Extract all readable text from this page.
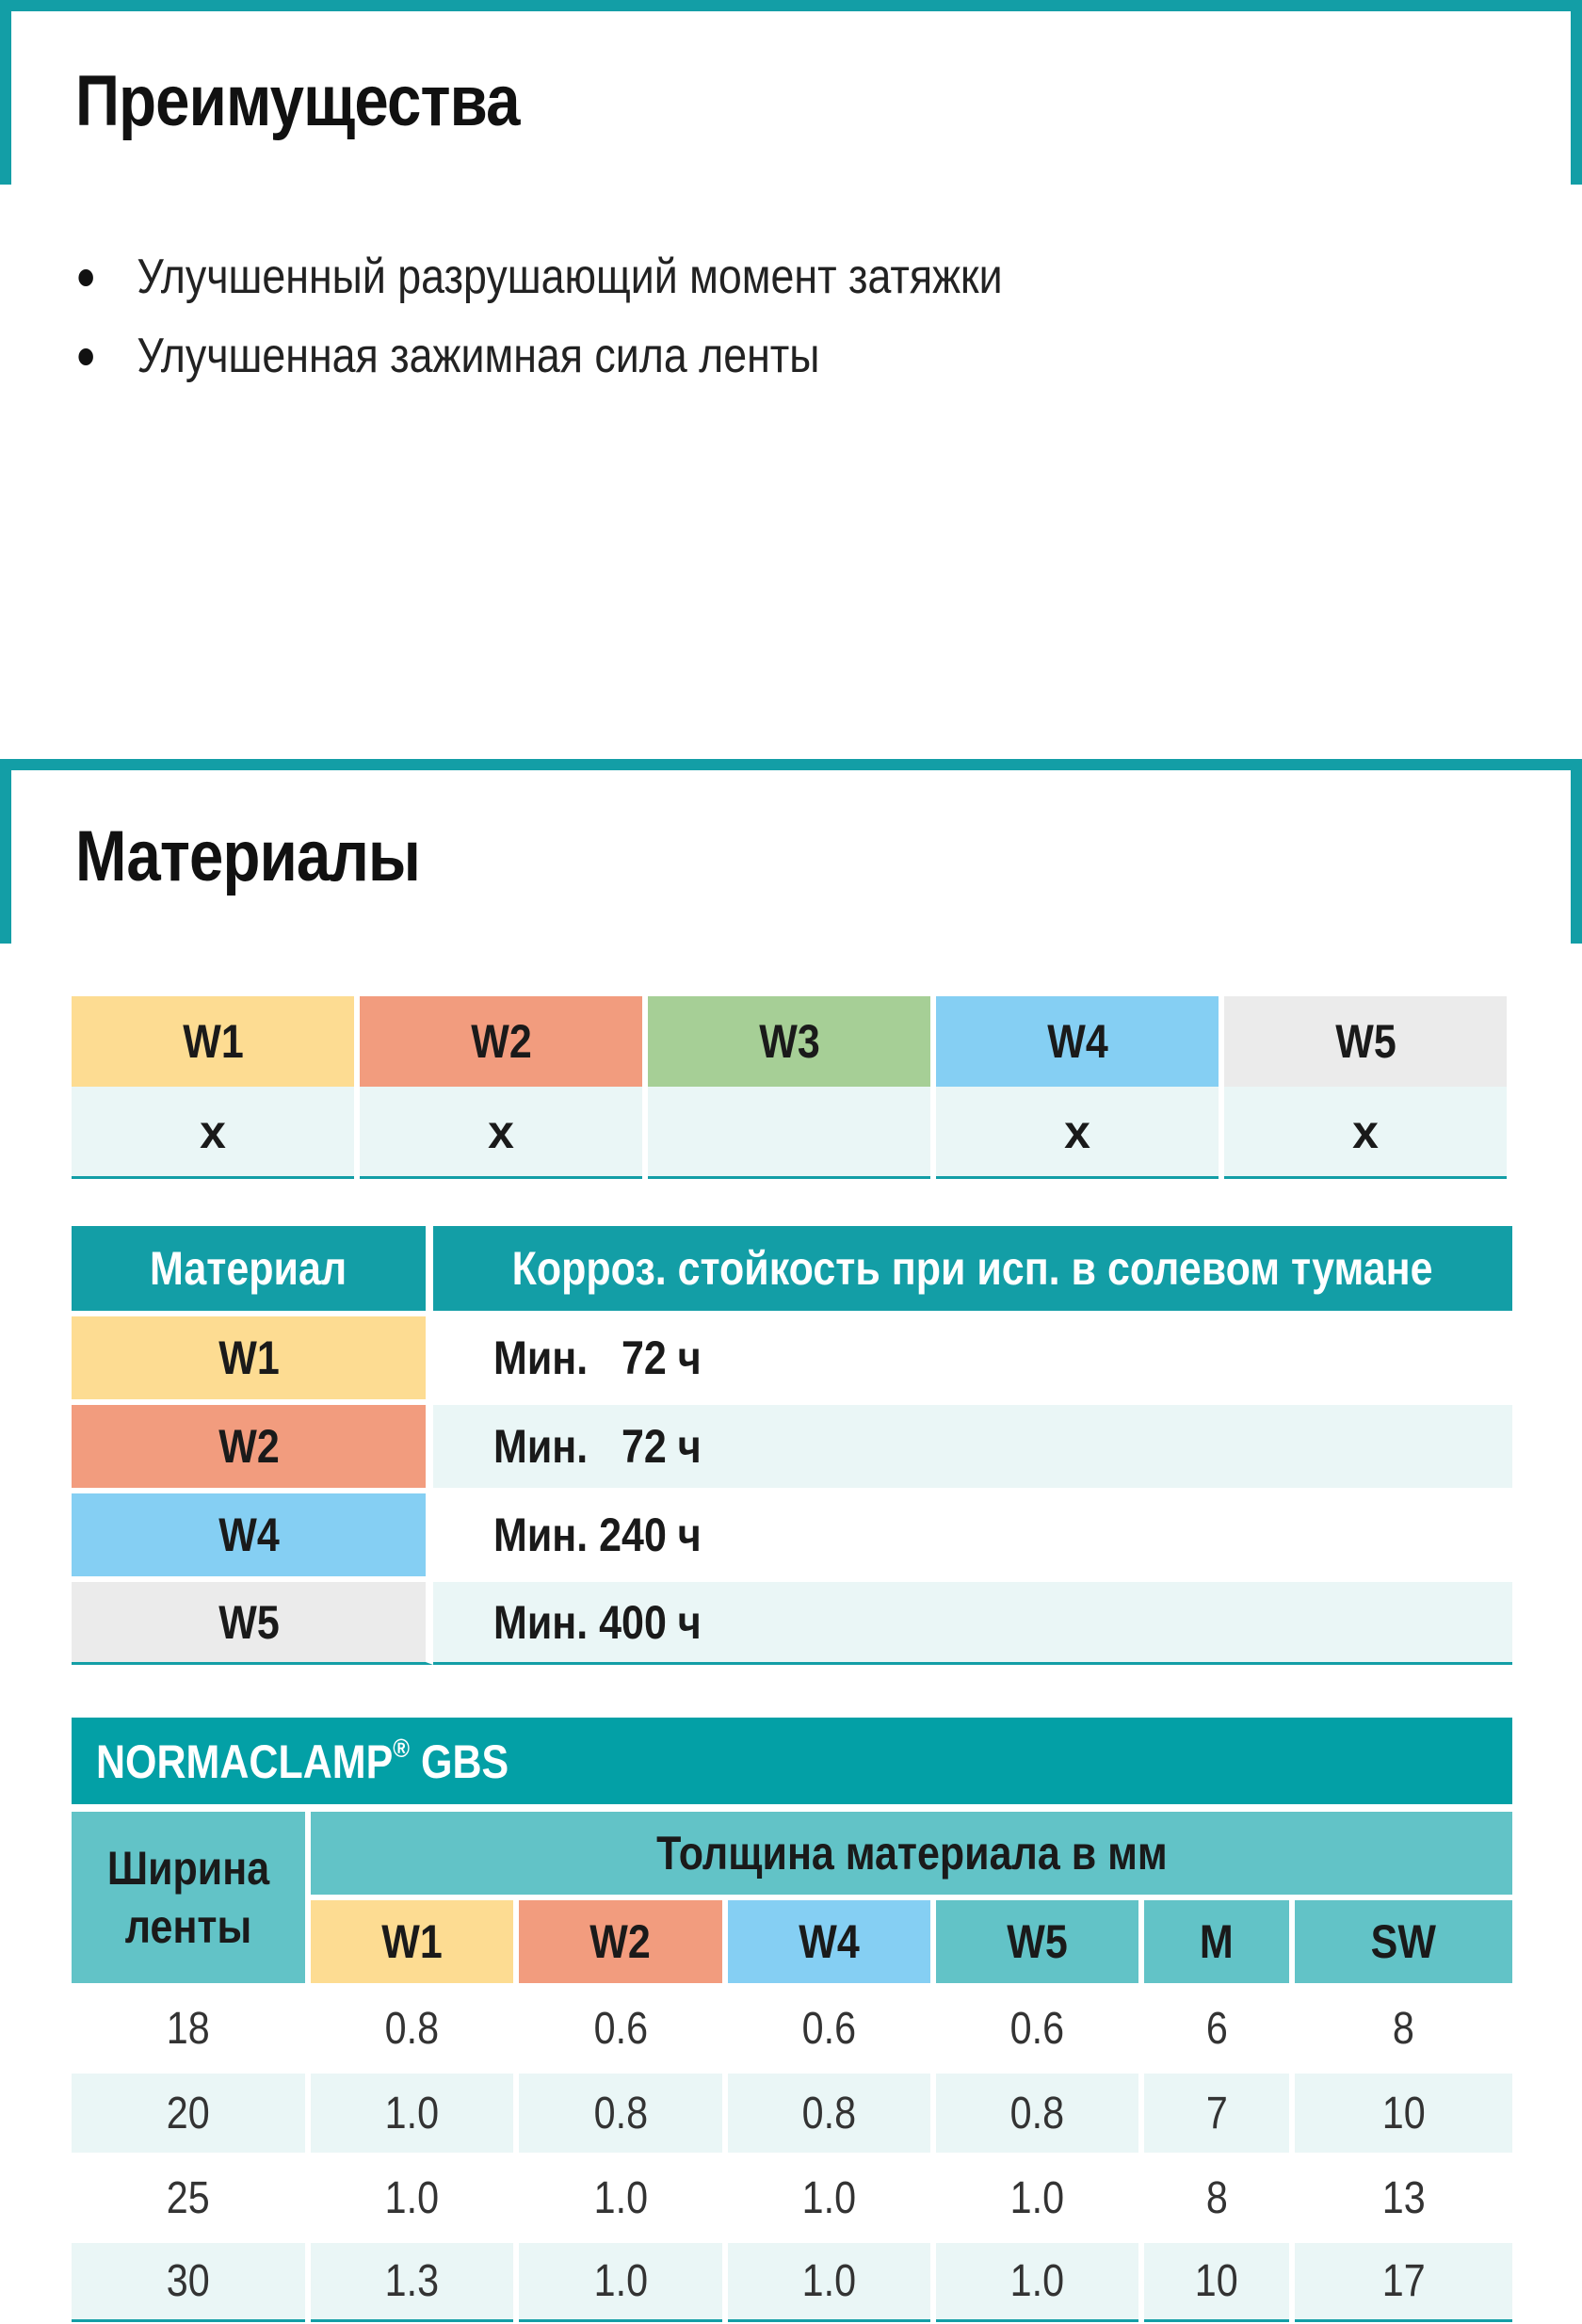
Преимущества
Улучшенный разрушающий момент затяжки
Улучшенная зажимная сила ленты
Материалы
W1	W2	W3	W4	W5
x	x		x	x
Материал	Корроз. стойкость при исп. в солевом тумане
W1	Мин.   72 ч
W2	Мин.   72 ч
W4	Мин. 240 ч
W5	Мин. 400 ч
NORMACLAMP® GBS
Ширина ленты	Толщина материала в мм					
	W1	W2	W4	W5	M	SW
18	0.8	0.6	0.6	0.6	6	8
20	1.0	0.8	0.8	0.8	7	10
25	1.0	1.0	1.0	1.0	8	13
30	1.3	1.0	1.0	1.0	10	17
